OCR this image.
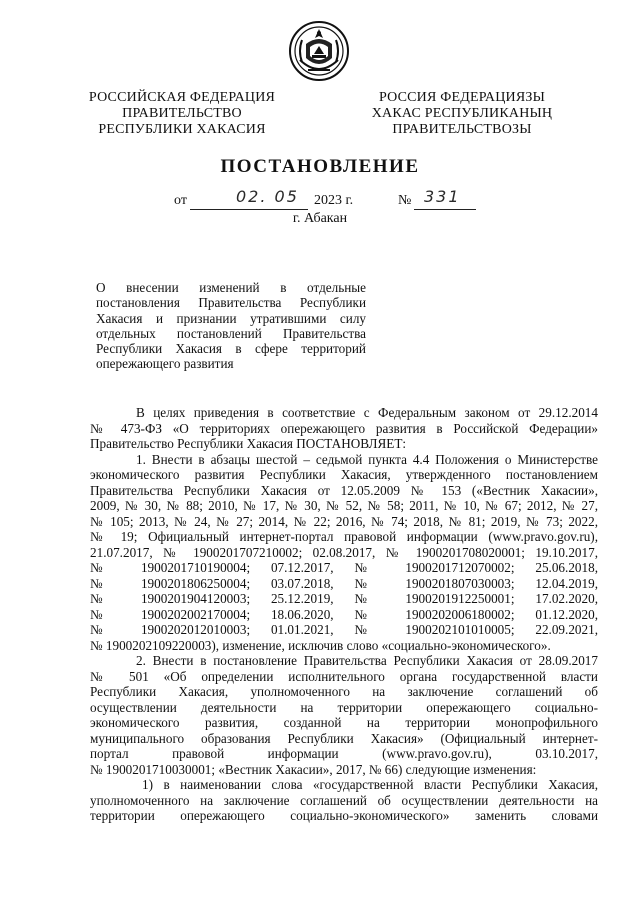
РОССИЙСКАЯ ФЕДЕРАЦИЯ
ПРАВИТЕЛЬСТВО
РЕСПУБЛИКИ ХАКАСИЯ
РОССИЯ ФЕДЕРАЦИЯЗЫ
ХАКАС РЕСПУБЛИКАНЫҢ
ПРАВИТЕЛЬСТВОЗЫ
ПОСТАНОВЛЕНИЕ
от	02. 05 2023 г.	№ 331
г. Абакан
О внесении изменений в отдельные
постановления Правительства Республики
Хакасия и признании утратившими силу
отдельных постановлений Правительства
Республики Хакасия в сфере территорий
опережающего развития
В целях приведения в соответствие с Федеральным законом от 29.12.2014
№ 473-ФЗ «О территориях опережающего развития в Российской Федерации»
Правительство Республики Хакасия ПОСТАНОВЛЯЕТ:
1. Внести в абзацы шестой – седьмой пункта 4.4 Положения о Министерстве
экономического развития Республики Хакасия, утвержденного постановлением
Правительства Республики Хакасия от 12.05.2009 № 153 («Вестник Хакасии»,
2009, № 30, № 88; 2010, № 17, № 30, № 52, № 58; 2011, № 10, № 67; 2012, № 27,
№ 105; 2013, № 24, № 27; 2014, № 22; 2016, № 74; 2018, № 81; 2019, № 73; 2022,
№ 19; Официальный интернет-портал правовой информации (www.pravo.gov.ru),
21.07.2017, № 1900201707210002; 02.08.2017, № 1900201708020001; 19.10.2017,
№ 1900201710190004; 07.12.2017, № 1900201712070002; 25.06.2018,
№ 1900201806250004; 03.07.2018, № 1900201807030003; 12.04.2019,
№ 1900201904120003; 25.12.2019, № 1900201912250001; 17.02.2020,
№ 1900202002170004; 18.06.2020, № 1900202006180002; 01.12.2020,
№ 1900202012010003; 01.01.2021, № 1900202101010005; 22.09.2021,
№ 1900202109220003), изменение, исключив слово «социально-экономического».
2. Внести в постановление Правительства Республики Хакасия от 28.09.2017
№ 501 «Об определении исполнительного органа государственной власти
Республики Хакасия, уполномоченного на заключение соглашений об
осуществлении деятельности на территории опережающего социально-
экономического развития, созданной на территории монопрофильного
муниципального образования Республики Хакасия» (Официальный интернет-
портал правовой информации (www.pravo.gov.ru), 03.10.2017,
№ 1900201710030001; «Вестник Хакасии», 2017, № 66) следующие изменения:
1) в наименовании слова «государственной власти Республики Хакасия,
уполномоченного на заключение соглашений об осуществлении деятельности на
территории опережающего социально-экономического» заменить словами
